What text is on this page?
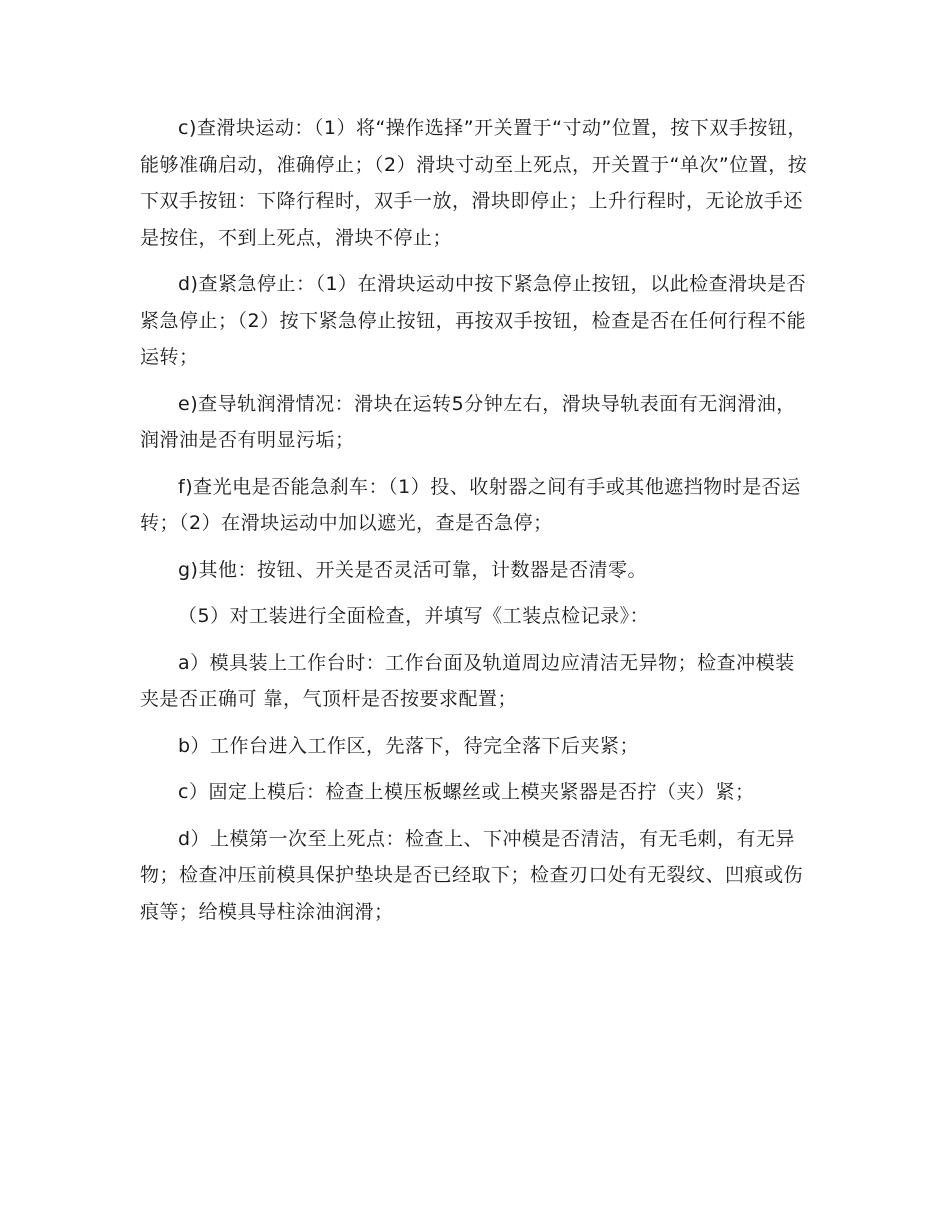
c)查滑块运动：（1）将“操作选择”开关置于“寸动”位置，按下双手按钮，能够准确启动，准确停止；（2）滑块寸动至上死点，开关置于“单次”位置，按下双手按钮：下降行程时，双手一放，滑块即停止；上升行程时，无论放手还是按住，不到上死点，滑块不停止；

d)查紧急停止：（1）在滑块运动中按下紧急停止按钮，以此检查滑块是否紧急停止；（2）按下紧急停止按钮，再按双手按钮，检查是否在任何行程不能运转；

e)查导轨润滑情况：滑块在运转5分钟左右，滑块导轨表面有无润滑油，润滑油是否有明显污垢；

f)查光电是否能急刹车：（1）投、收射器之间有手或其他遮挡物时是否运转；（2）在滑块运动中加以遮光，查是否急停；

g)其他：按钮、开关是否灵活可靠，计数器是否清零。

（5）对工装进行全面检查，并填写《工装点检记录》：

a）模具装上工作台时：工作台面及轨道周边应清洁无异物；检查冲模装夹是否正确可 靠，气顶杆是否按要求配置；

b）工作台进入工作区，先落下，待完全落下后夹紧；

c）固定上模后：检查上模压板螺丝或上模夹紧器是否拧（夹）紧；

d）上模第一次至上死点：检查上、下冲模是否清洁，有无毛刺，有无异物；检查冲压前模具保护垫块是否已经取下；检查刃口处有无裂纹、凹痕或伤痕等；给模具导柱涂油润滑；
